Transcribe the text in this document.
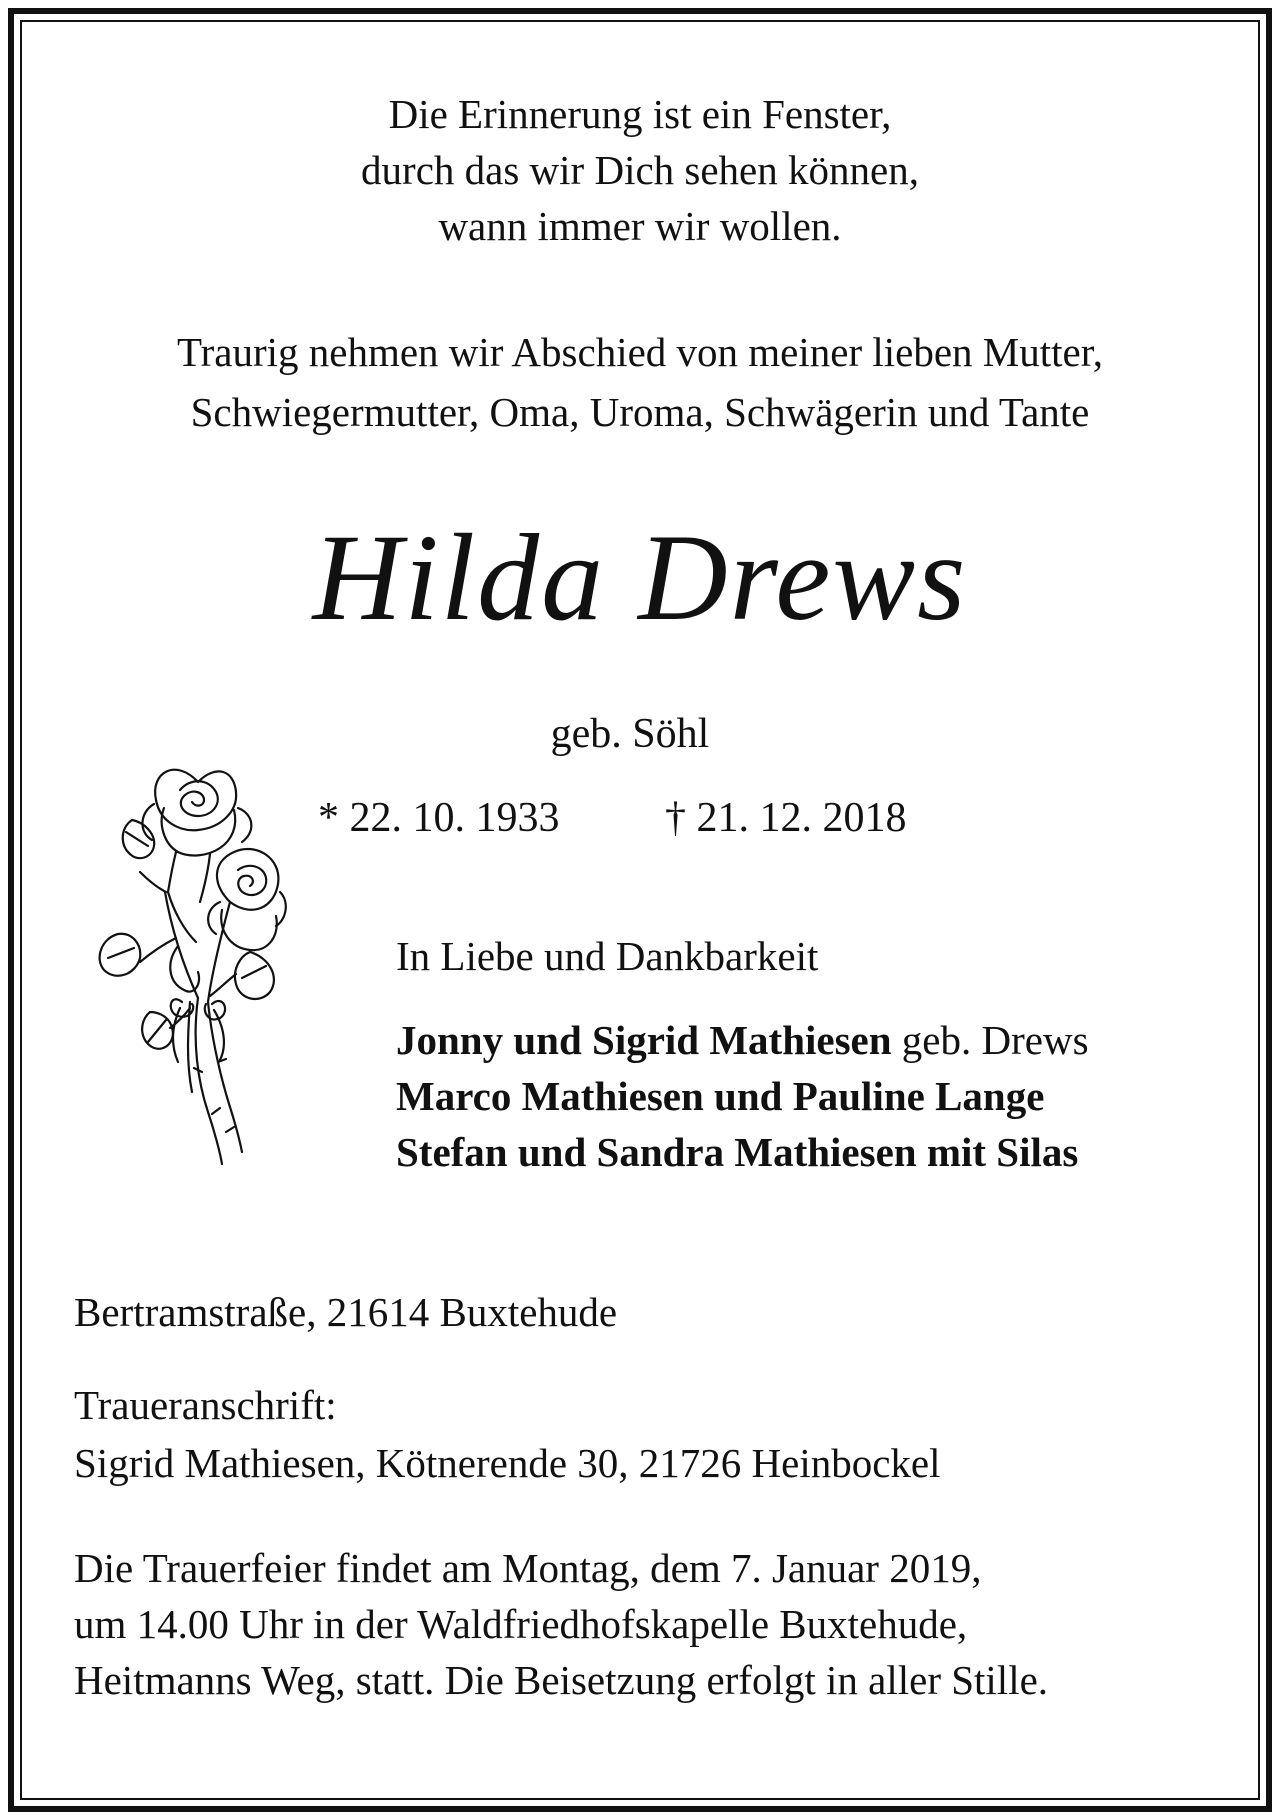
Die Erinnerung ist ein Fenster,
durch das wir Dich sehen können,
wann immer wir wollen.
Traurig nehmen wir Abschied von meiner lieben Mutter,
Schwiegermutter, Oma, Uroma, Schwägerin und Tante
Hilda Drews
geb. Söhl
* 22. 10. 1933	† 21. 12. 2018
In Liebe und Dankbarkeit
Jonny und Sigrid Mathiesen geb. Drews
Marco Mathiesen und Pauline Lange
Stefan und Sandra Mathiesen mit Silas
Bertramstraße, 21614 Buxtehude
Traueranschrift:
Sigrid Mathiesen, Kötnerende 30, 21726 Heinbockel
Die Trauerfeier findet am Montag, dem 7. Januar 2019,
um 14.00 Uhr in der Waldfriedhofskapelle Buxtehude,
Heitmanns Weg, statt. Die Beisetzung erfolgt in aller Stille.
